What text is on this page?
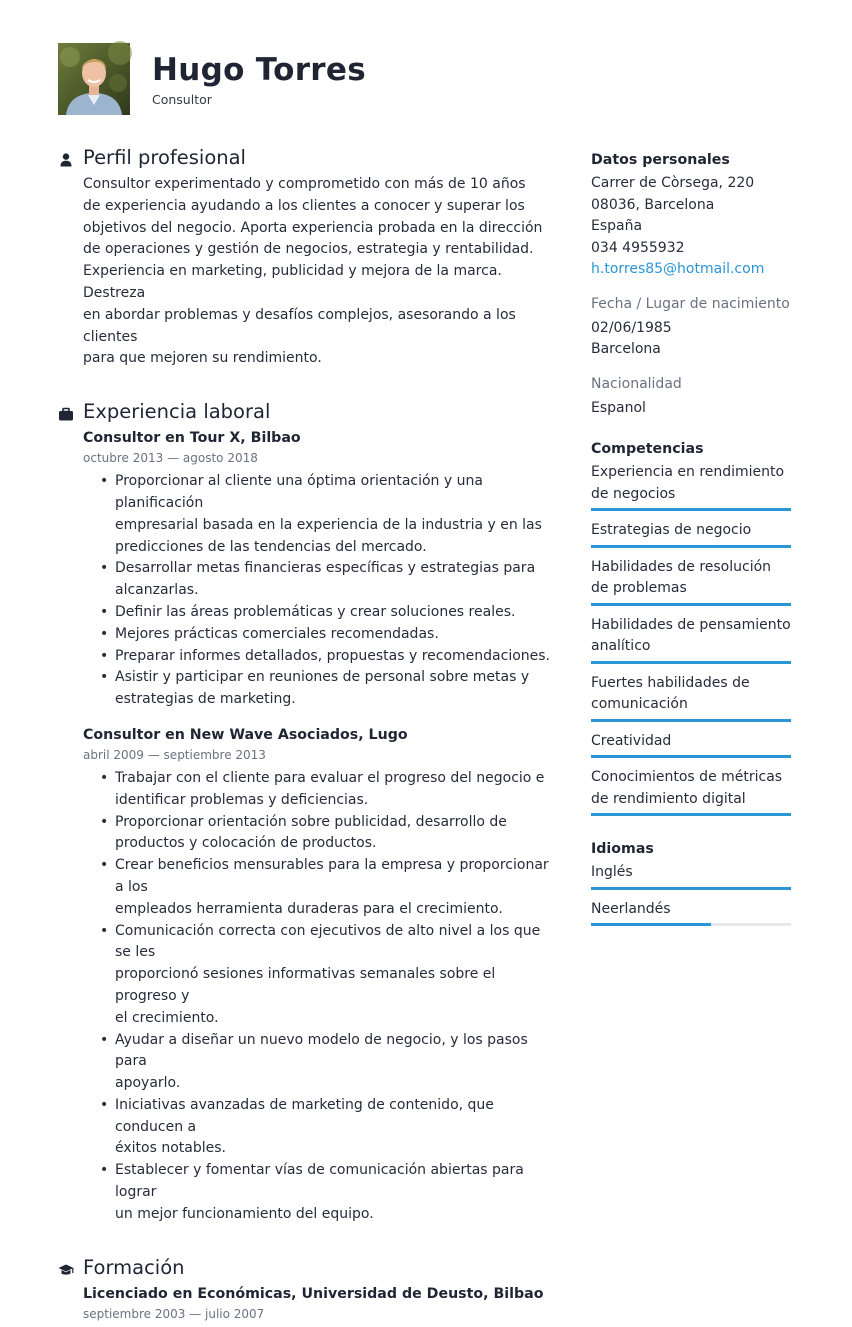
Hugo Torres
Consultor
Perfil profesional
Consultor experimentado y comprometido con más de 10 años
de experiencia ayudando a los clientes a conocer y superar los
objetivos del negocio. Aporta experiencia probada en la dirección
de operaciones y gestión de negocios, estrategia y rentabilidad.
Experiencia en marketing, publicidad y mejora de la marca. Destreza
en abordar problemas y desafíos complejos, asesorando a los clientes
para que mejoren su rendimiento.
Experiencia laboral
Consultor en Tour X, Bilbao
octubre 2013 — agosto 2018
• Proporcionar al cliente una óptima orientación y una planificación
empresarial basada en la experiencia de la industria y en las
predicciones de las tendencias del mercado.
• Desarrollar metas financieras específicas y estrategias para
alcanzarlas.
• Definir las áreas problemáticas y crear soluciones reales.
• Mejores prácticas comerciales recomendadas.
• Preparar informes detallados, propuestas y recomendaciones.
• Asistir y participar en reuniones de personal sobre metas y
estrategias de marketing.
Consultor en New Wave Asociados, Lugo
abril 2009 — septiembre 2013
• Trabajar con el cliente para evaluar el progreso del negocio e
identificar problemas y deficiencias.
• Proporcionar orientación sobre publicidad, desarrollo de
productos y colocación de productos.
• Crear beneficios mensurables para la empresa y proporcionar a los
empleados herramienta duraderas para el crecimiento.
• Comunicación correcta con ejecutivos de alto nivel a los que se les
proporcionó sesiones informativas semanales sobre el progreso y
el crecimiento.
• Ayudar a diseñar un nuevo modelo de negocio, y los pasos para
apoyarlo.
• Iniciativas avanzadas de marketing de contenido, que conducen a
éxitos notables.
• Establecer y fomentar vías de comunicación abiertas para lograr
un mejor funcionamiento del equipo.
Formación
Licenciado en Económicas, Universidad de Deusto, Bilbao
septiembre 2003 — julio 2007
Datos personales
Carrer de Còrsega, 220
08036, Barcelona
España
034 4955932
h.torres85@hotmail.com
Fecha / Lugar de nacimiento
02/06/1985
Barcelona
Nacionalidad
Espanol
Competencias
Experiencia en rendimiento de negocios
Estrategias de negocio
Habilidades de resolución de problemas
Habilidades de pensamiento analítico
Fuertes habilidades de comunicación
Creatividad
Conocimientos de métricas de rendimiento digital
Idiomas
Inglés
Neerlandés
